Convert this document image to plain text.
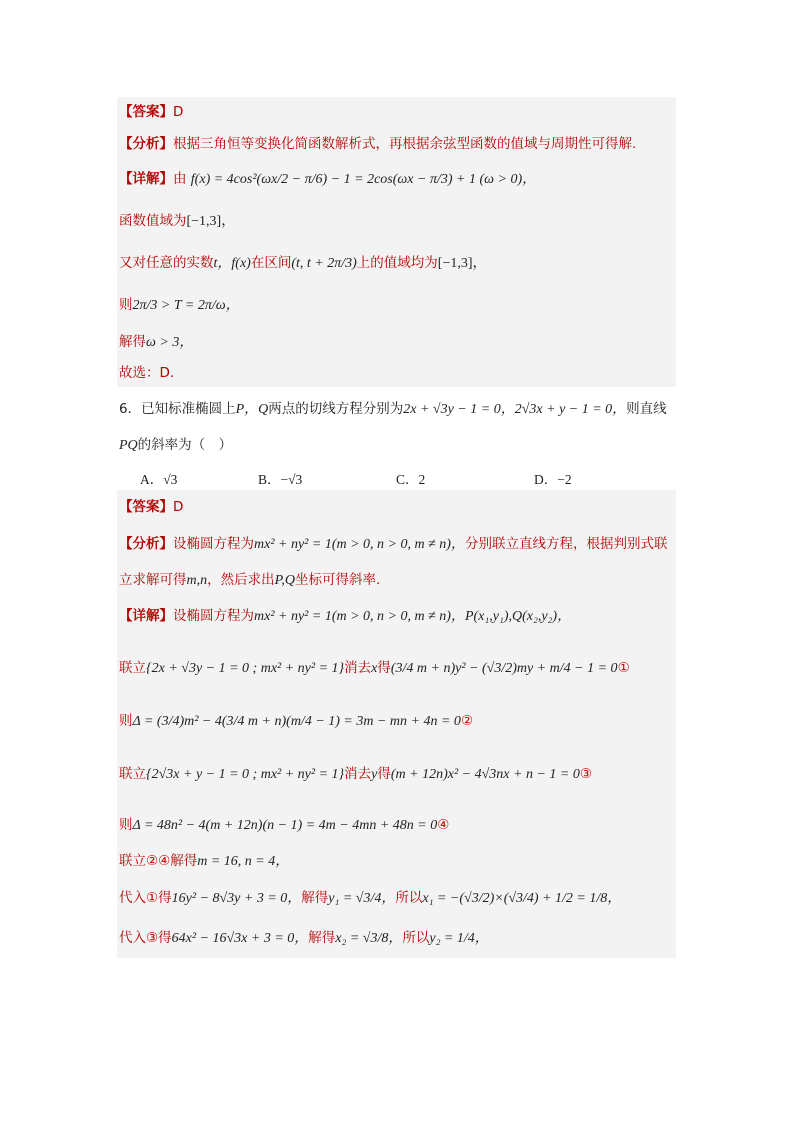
【答案】D
【分析】根据三角恒等变换化简函数解析式，再根据余弦型函数的值域与周期性可得解.
【详解】由 f(x) = 4cos²(ωx/2 − π/6) − 1 = 2cos(ωx − π/3) + 1 (ω > 0)，
函数值域为[−1,3]，
又对任意的实数t，f(x)在区间(t, t + 2π/3)上的值域均为[−1,3]，
则2π/3 > T = 2π/ω，
解得ω > 3，
故选：D.
6．已知标准椭圆上P，Q两点的切线方程分别为2x + √3y − 1 = 0，2√3x + y − 1 = 0，则直线
PQ的斜率为（　）
A．√3	B．−√3	C．2	D．−2
【答案】D
【分析】设椭圆方程为mx² + ny² = 1(m > 0, n > 0, m ≠ n)，分别联立直线方程，根据判别式联
立求解可得m,n，然后求出P,Q坐标可得斜率.
【详解】设椭圆方程为mx² + ny² = 1(m > 0, n > 0, m ≠ n)，P(x₁,y₁),Q(x₂,y₂)，
联立{2x + √3y − 1 = 0 ; mx² + ny² = 1}消去x得(3/4 m + n)y² − (√3/2)my + m/4 − 1 = 0①
则Δ = (3/4)m² − 4(3/4 m + n)(m/4 − 1) = 3m − mn + 4n = 0②
联立{2√3x + y − 1 = 0 ; mx² + ny² = 1}消去y得(m + 12n)x² − 4√3nx + n − 1 = 0③
则Δ = 48n² − 4(m + 12n)(n − 1) = 4m − 4mn + 48n = 0④
联立②④解得m = 16, n = 4，
代入①得16y² − 8√3y + 3 = 0，解得y₁ = √3/4，所以x₁ = −(√3/2)×(√3/4) + 1/2 = 1/8，
代入③得64x² − 16√3x + 3 = 0，解得x₂ = √3/8，所以y₂ = 1/4，
